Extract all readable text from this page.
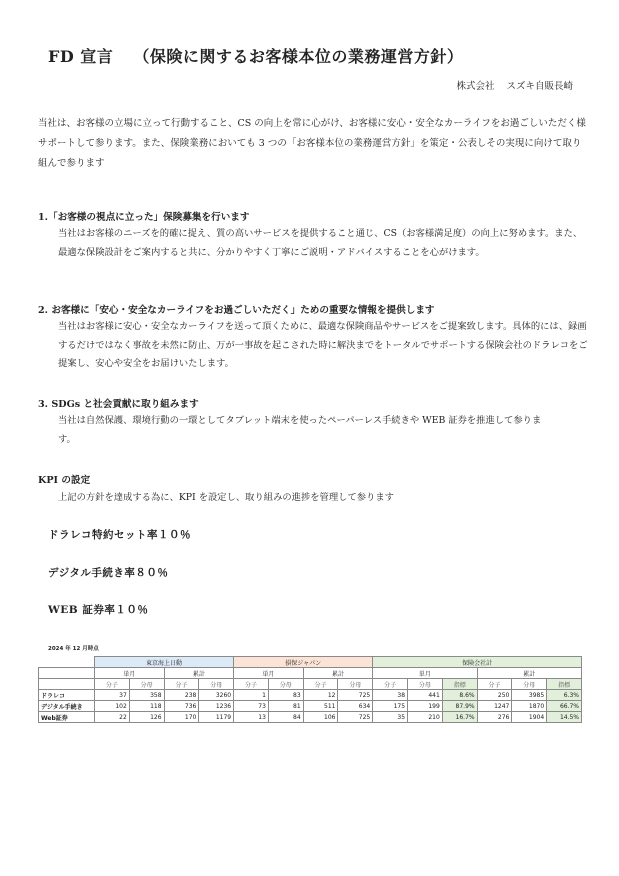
FD 宣言 （保険に関するお客様本位の業務運営方針）
株式会社 スズキ自販長崎
当社は、お客様の立場に立って行動すること、CS の向上を常に心がけ、お客様に安心・安全なカーライフをお過ごしいただく様サポートして参ります。また、保険業務においても 3 つの「お客様本位の業務運営方針」を策定・公表しその実現に向けて取り組んで参ります
1.「お客様の視点に立った」保険募集を行います
当社はお客様のニーズを的確に捉え、質の高いサービスを提供すること通じ、CS（お客様満足度）の向上に努めます。また、最適な保険設計をご案内すると共に、分かりやすく丁寧にご説明・アドバイスすることを心がけます。
2. お客様に「安心・安全なカーライフをお過ごしいただく」ための重要な情報を提供します
当社はお客様に安心・安全なカーライフを送って頂くために、最適な保険商品やサービスをご提案致します。具体的には、録画するだけではなく事故を未然に防止、万が一事故を起こされた時に解決までをトータルでサポートする保険会社のドラレコをご提案し、安心や安全をお届けいたします。
3. SDGs と社会貢献に取り組みます
当社は自然保護、環境行動の一環としてタブレット端末を使ったペーパーレス手続きや WEB 証券を推進して参ります。
KPI の設定
上記の方針を達成する為に、KPI を設定し、取り組みの進捗を管理して参ります
ドラレコ特約セット率１０％
デジタル手続き率８０％
WEB 証券率１０％
2024 年 12 月時点
	東京海上日動				損保ジャパン				保険会社計					
	単月		累計		単月		累計		単月			累計		
	分子	分母	分子	分母	分子	分母	分子	分母	分子	分母	指標	分子	分母	指標
ドラレコ	37	358	238	3260	1	83	12	725	38	441	8.6%	250	3985	6.3%
デジタル手続き	102	118	736	1236	73	81	511	634	175	199	87.9%	1247	1870	66.7%
Web証券	22	126	170	1179	13	84	106	725	35	210	16.7%	276	1904	14.5%
